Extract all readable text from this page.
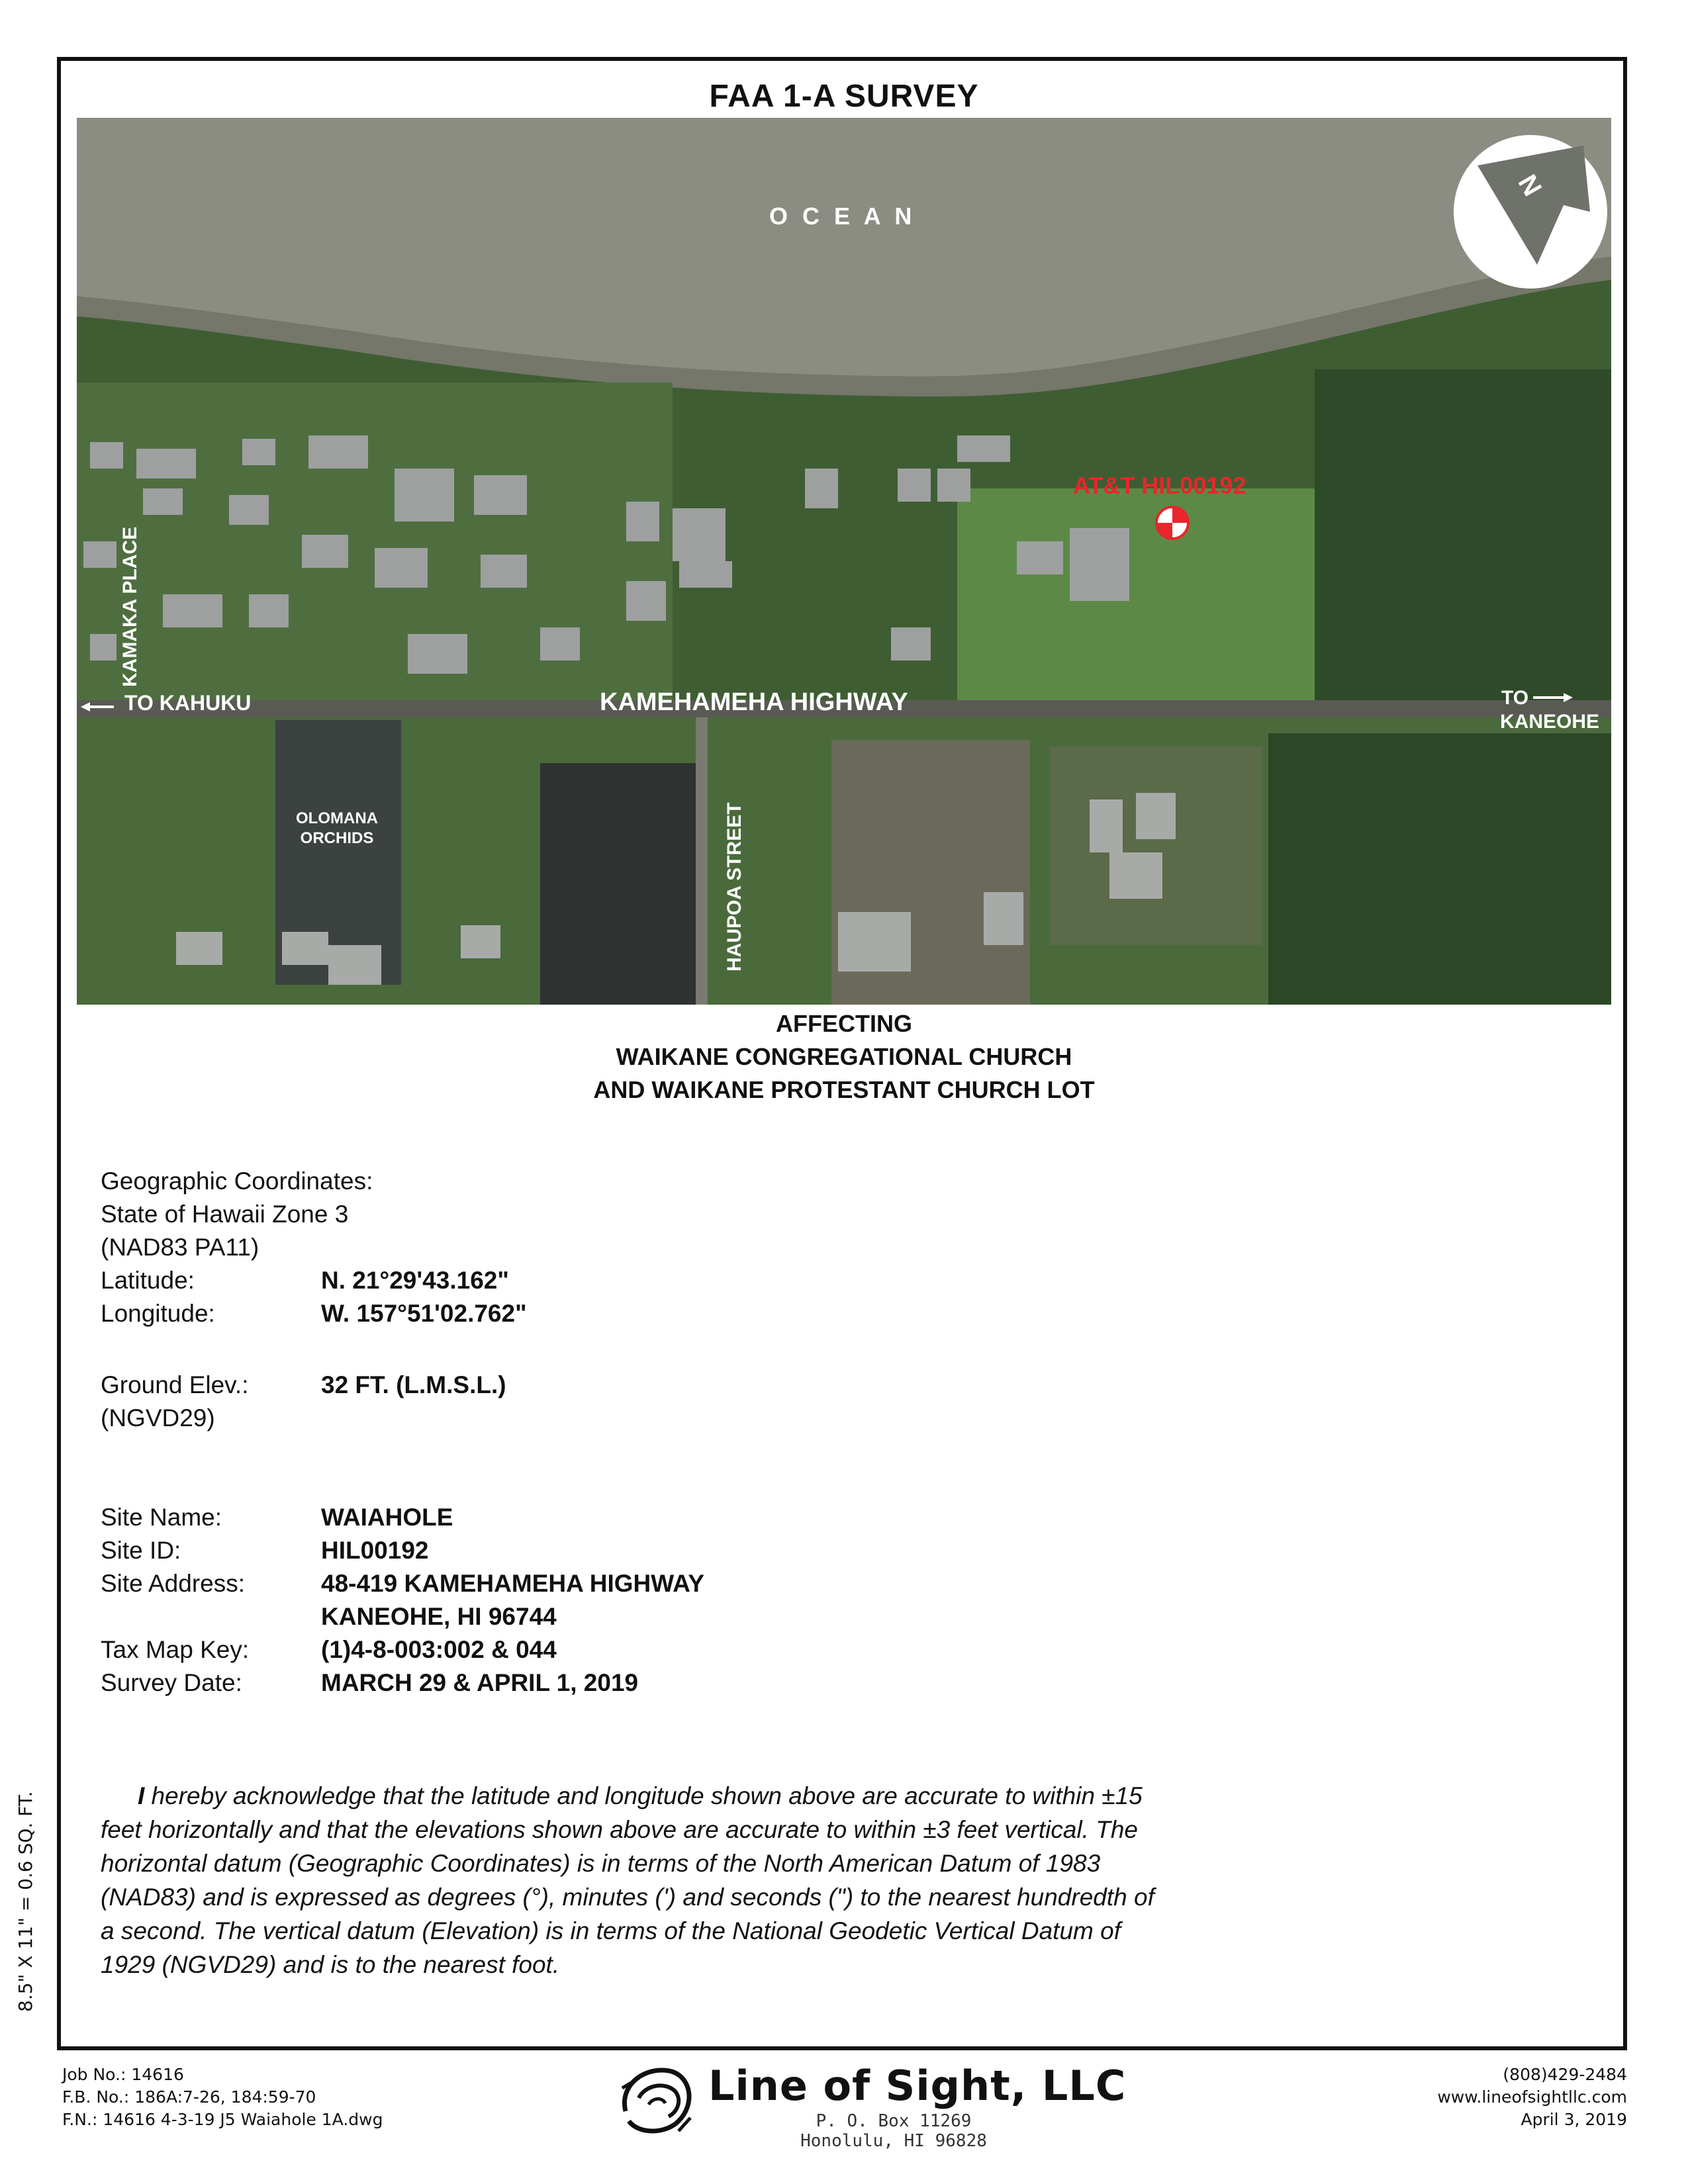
FAA 1-A SURVEY
N
O C E A N
AT&T HIL00192
KAMAKA PLACE
TO KAHUKU	KAMEHAMEHA HIGHWAY	TO
KANEOHE
OLOMANA
ORCHIDS	HAUPOA STREET
AFFECTING
WAIKANE CONGREGATIONAL CHURCH
AND WAIKANE PROTESTANT CHURCH LOT
Geographic Coordinates:
State of Hawaii Zone 3
(NAD83 PA11)
Latitude:	N. 21°29'43.162"
Longitude:	W. 157°51'02.762"
Ground Elev.:	32 FT. (L.M.S.L.)
(NGVD29)
Site Name:	WAIAHOLE
Site ID:	HIL00192
Site Address:	48-419 KAMEHAMEHA HIGHWAY
KANEOHE, HI 96744
Tax Map Key:	(1)4-8-003:002 & 044
Survey Date:	MARCH 29 & APRIL 1, 2019
I hereby acknowledge that the latitude and longitude shown above are accurate to within ±15 feet horizontally and that the elevations shown above are accurate to within ±3 feet vertical. The horizontal datum (Geographic Coordinates) is in terms of the North American Datum of 1983 (NAD83) and is expressed as degrees (°), minutes (') and seconds (") to the nearest hundredth of a second. The vertical datum (Elevation) is in terms of the National Geodetic Vertical Datum of 1929 (NGVD29) and is to the nearest foot.
8.5" X 11" = 0.6 SQ. FT.
Job No.: 14616
F.B. No.: 186A:7-26, 184:59-70
F.N.: 14616 4-3-19 J5 Waiahole 1A.dwg
Line of Sight, LLC
P. O. Box 11269
Honolulu, HI 96828
(808)429-2484
www.lineofsightllc.com
April 3, 2019
